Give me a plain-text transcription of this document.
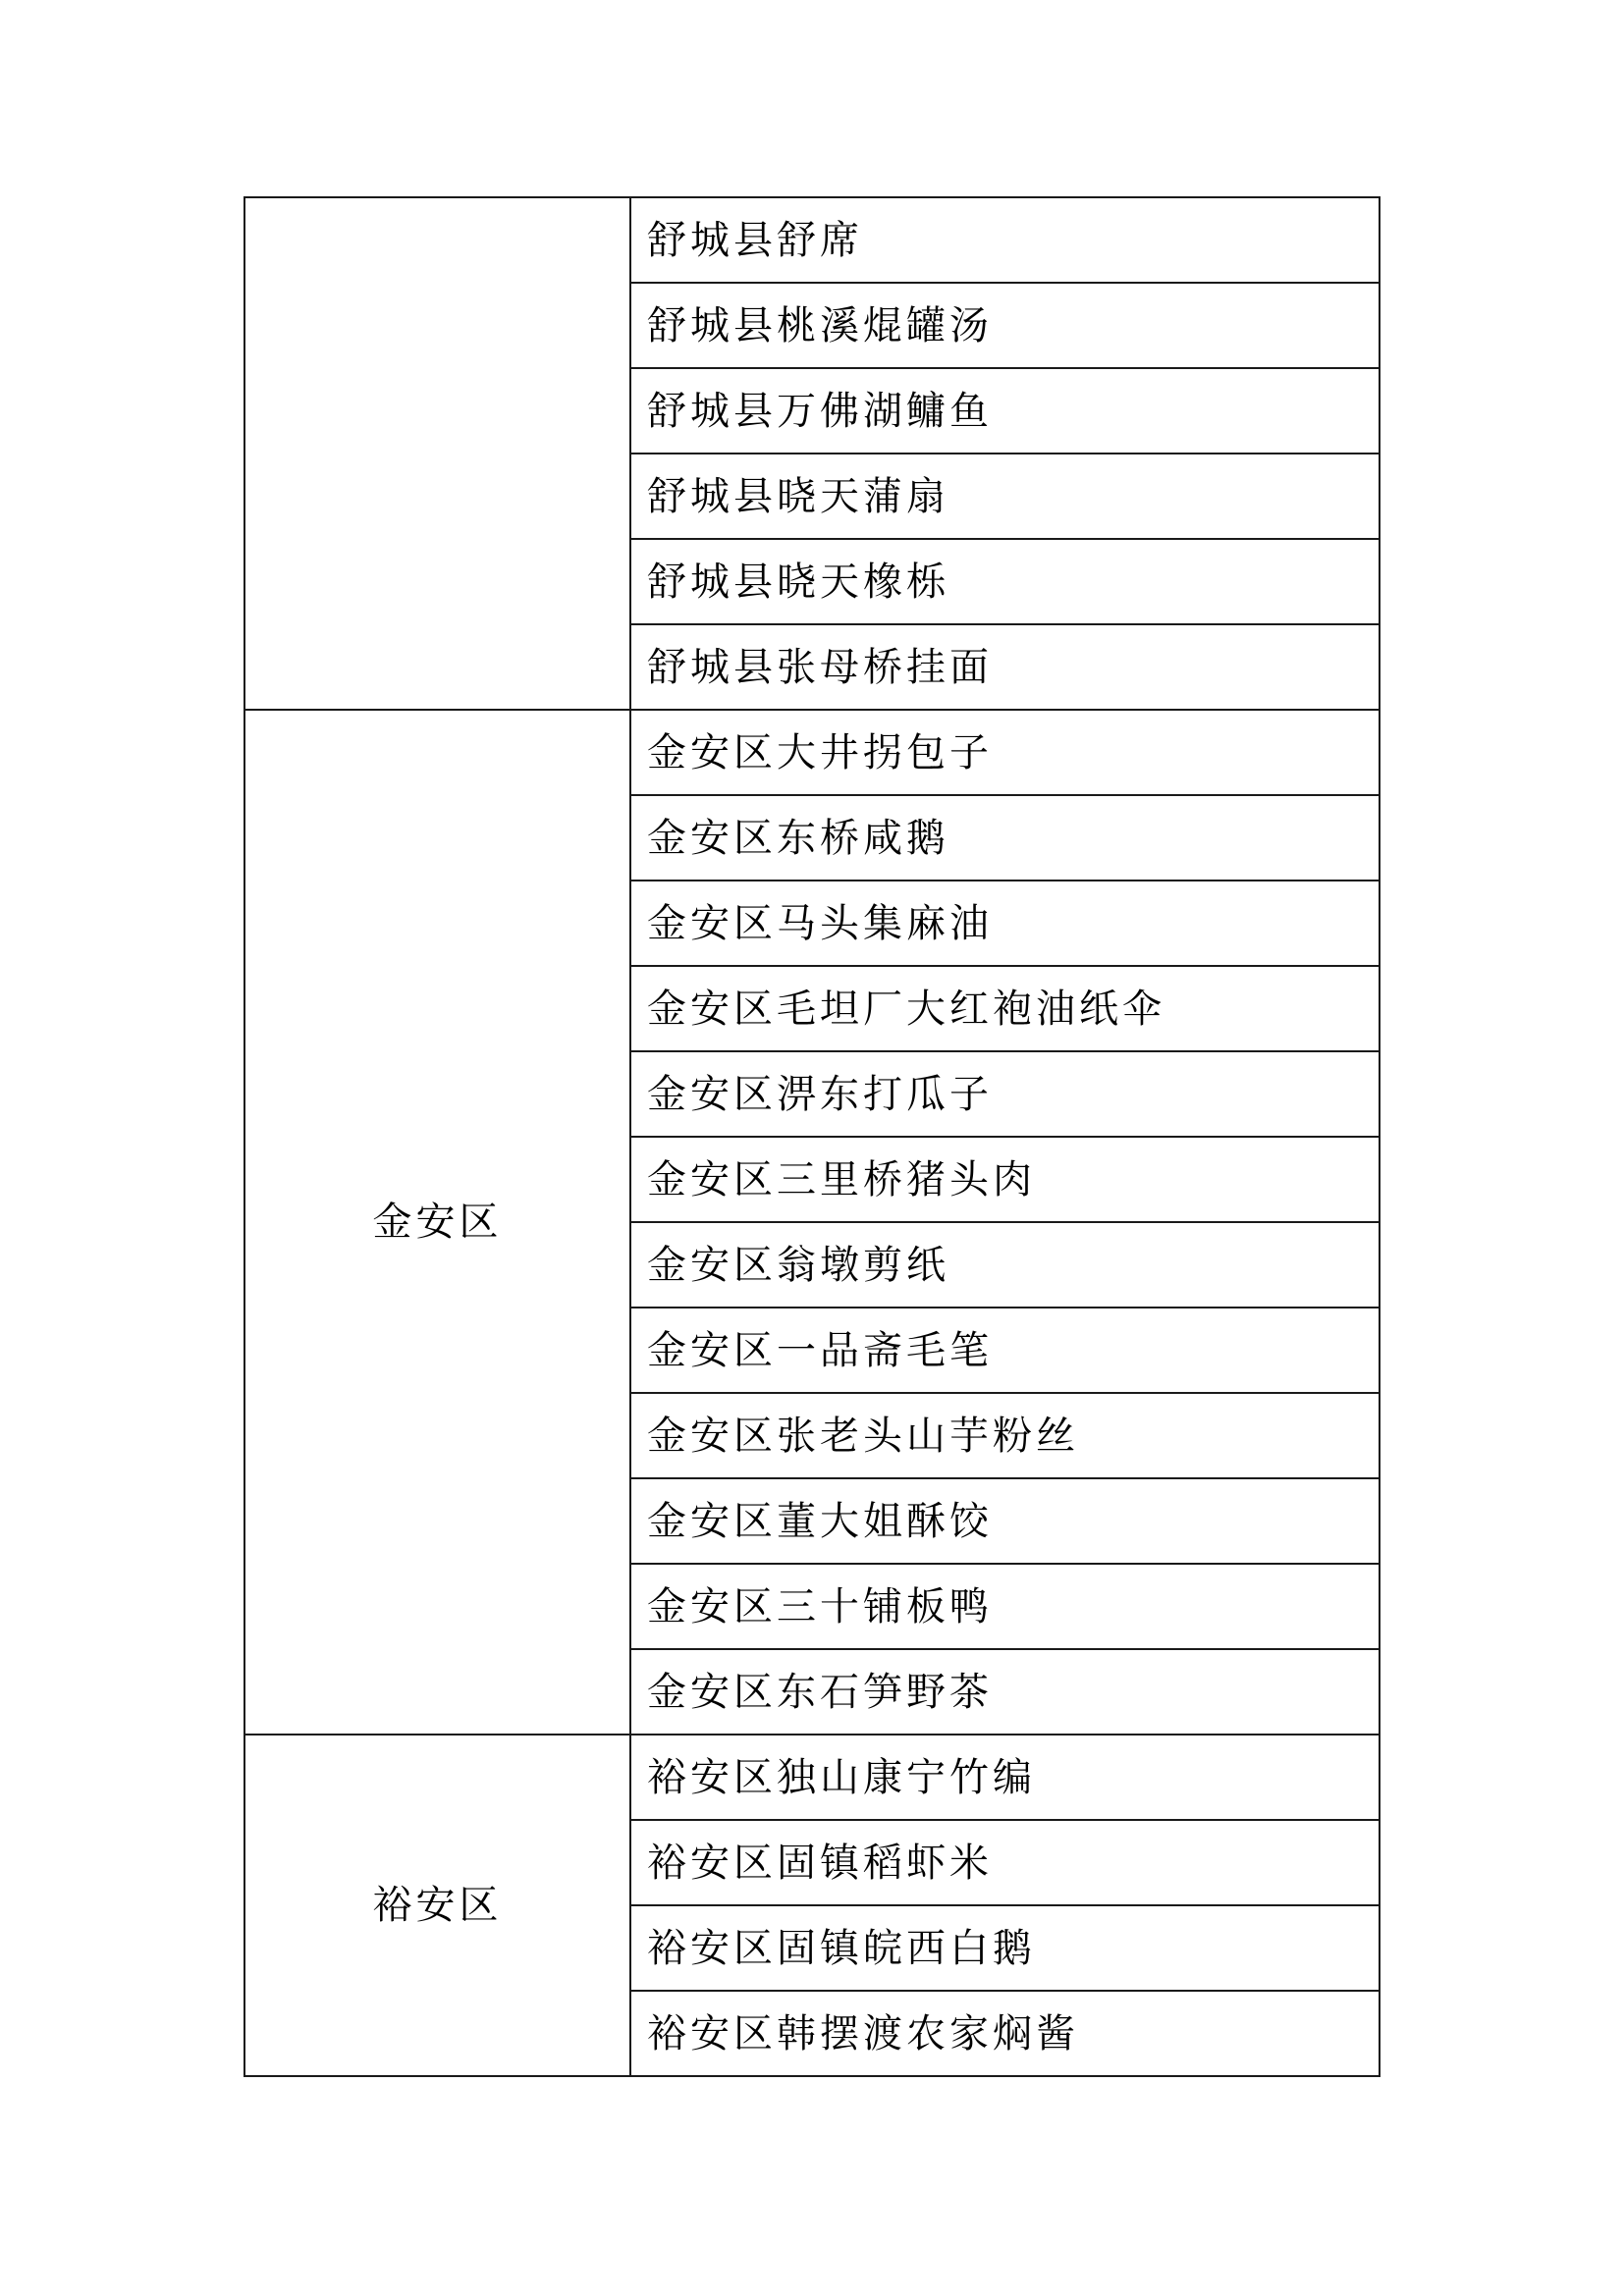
	舒城县舒席
	舒城县桃溪焜罐汤
	舒城县万佛湖鳙鱼
	舒城县晓天蒲扇
	舒城县晓天橡栎
	舒城县张母桥挂面
金安区	金安区大井拐包子
	金安区东桥咸鹅
	金安区马头集麻油
	金安区毛坦厂大红袍油纸伞
	金安区淠东打瓜子
	金安区三里桥猪头肉
	金安区翁墩剪纸
	金安区一品斋毛笔
	金安区张老头山芋粉丝
	金安区董大姐酥饺
	金安区三十铺板鸭
	金安区东石笋野茶
裕安区	裕安区独山康宁竹编
	裕安区固镇稻虾米
	裕安区固镇皖西白鹅
	裕安区韩摆渡农家焖酱
